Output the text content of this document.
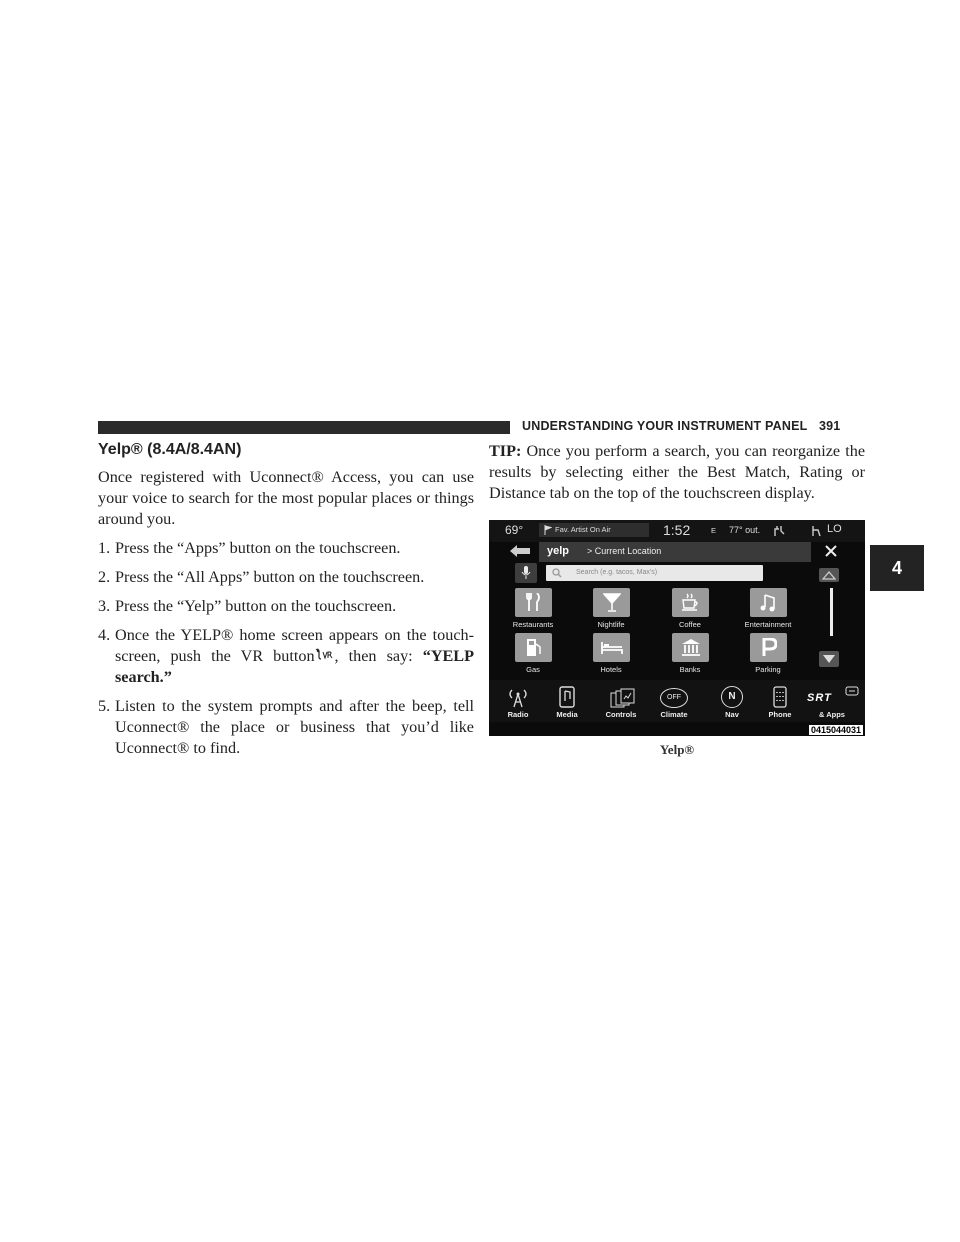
UNDERSTANDING YOUR INSTRUMENT PANEL 391
4
Yelp® (8.4A/8.4AN)

Once registered with Uconnect® Access, you can use your voice to search for the most popular places or things around you.

1. Press the “Apps” button on the touchscreen.
2. Press the “All Apps” button on the touchscreen.
3. Press the “Yelp” button on the touchscreen.
4. Once the YELP® home screen appears on the touch-screen, push the VR button , then say: “YELP search.”
5. Listen to the system prompts and after the beep, tell Uconnect® the place or business that you’d like Uconnect® to find.

TIP: Once you perform a search, you can reorganize the results by selecting either the Best Match, Rating or Distance tab on the top of the touchscreen display.

69°	Fav. Artist On Air	1:52	E 77° out.	LO
yelp > Current Location
Search (e.g. tacos, Max's)
Restaurants	Nightlife	Coffee	Entertainment
Gas	Hotels	Banks	Parking
Radio	Media	Controls
OFF
Climate
N
Nav	Phone
SRT
& Apps
0415044031
Yelp®
